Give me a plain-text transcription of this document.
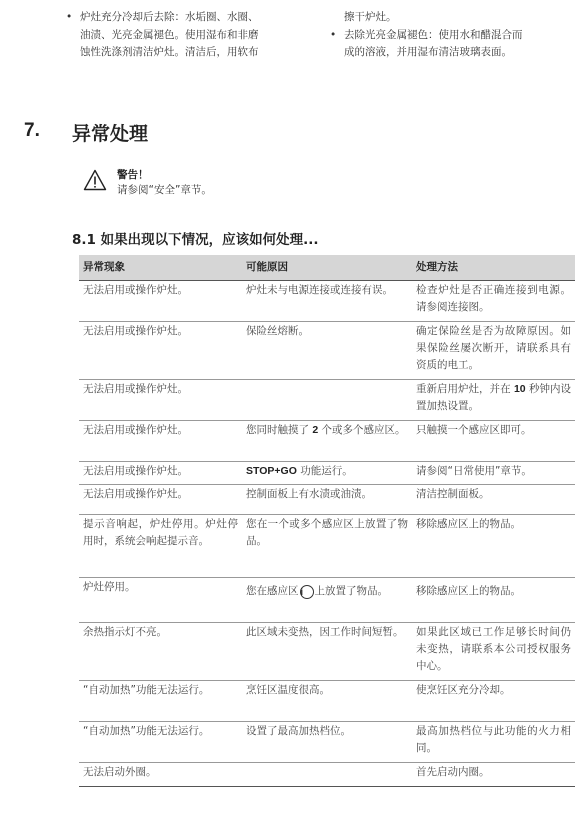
• 炉灶充分冷却后去除：水垢圈、水圈、
油渍、光亮金属褪色。使用湿布和非磨
蚀性洗涤剂清洁炉灶。清洁后，用软布
擦干炉灶。
• 去除光亮金属褪色：使用水和醋混合而
成的溶液，并用湿布清洁玻璃表面。
7. 异常处理
警告！
请参阅“安全”章节。
8.1 如果出现以下情况，应该如何处理...
异常现象	可能原因	处理方法
无法启用或操作炉灶。	炉灶未与电源连接或连接有误。	检查炉灶是否正确连接到电源。请参阅连接图。
无法启用或操作炉灶。	保险丝熔断。	确定保险丝是否为故障原因。如果保险丝屡次断开，请联系具有资质的电工。
无法启用或操作炉灶。		重新启用炉灶，并在 10 秒钟内设置加热设置。
无法启用或操作炉灶。	您同时触摸了 2 个或多个感应区。	只触摸一个感应区即可。
无法启用或操作炉灶。	STOP+GO 功能运行。	请参阅“日常使用”章节。
无法启用或操作炉灶。	控制面板上有水渍或油渍。	清洁控制面板。
提示音响起，炉灶停用。炉灶停用时，系统会响起提示音。	您在一个或多个感应区上放置了物品。	移除感应区上的物品。
炉灶停用。	您在感应区 i 上放置了物品。	移除感应区上的物品。
余热指示灯不亮。	此区域未变热，因工作时间短暂。	如果此区域已工作足够长时间仍未变热，请联系本公司授权服务中心。
“自动加热”功能无法运行。	烹饪区温度很高。	使烹饪区充分冷却。
“自动加热”功能无法运行。	设置了最高加热档位。	最高加热档位与此功能的火力相同。
无法启动外圈。		首先启动内圈。
